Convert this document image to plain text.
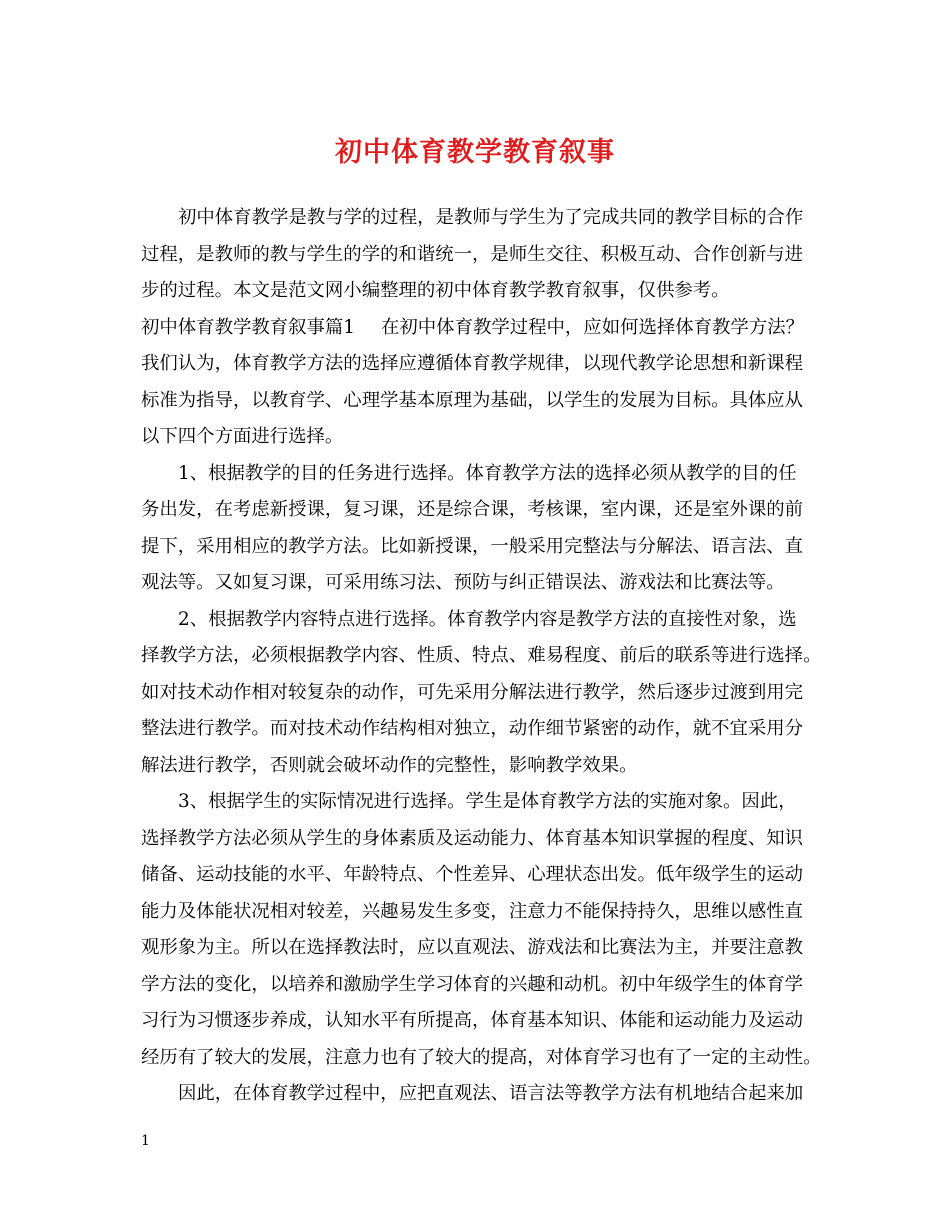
初中体育教学教育叙事
初中体育教学是教与学的过程，是教师与学生为了完成共同的教学目标的合作
过程，是教师的教与学生的学的和谐统一，是师生交往、积极互动、合作创新与进
步的过程。本文是范文网小编整理的初中体育教学教育叙事，仅供参考。
初中体育教学教育叙事篇1 在初中体育教学过程中，应如何选择体育教学方法？
我们认为，体育教学方法的选择应遵循体育教学规律，以现代教学论思想和新课程
标准为指导，以教育学、心理学基本原理为基础，以学生的发展为目标。具体应从
以下四个方面进行选择。
1、根据教学的目的任务进行选择。体育教学方法的选择必须从教学的目的任
务出发，在考虑新授课，复习课，还是综合课，考核课，室内课，还是室外课的前
提下，采用相应的教学方法。比如新授课，一般采用完整法与分解法、语言法、直
观法等。又如复习课，可采用练习法、预防与纠正错误法、游戏法和比赛法等。
2、根据教学内容特点进行选择。体育教学内容是教学方法的直接性对象，选
择教学方法，必须根据教学内容、性质、特点、难易程度、前后的联系等进行选择。
如对技术动作相对较复杂的动作，可先采用分解法进行教学，然后逐步过渡到用完
整法进行教学。而对技术动作结构相对独立，动作细节紧密的动作，就不宜采用分
解法进行教学，否则就会破坏动作的完整性，影响教学效果。
3、根据学生的实际情况进行选择。学生是体育教学方法的实施对象。因此，
选择教学方法必须从学生的身体素质及运动能力、体育基本知识掌握的程度、知识
储备、运动技能的水平、年龄特点、个性差异、心理状态出发。低年级学生的运动
能力及体能状况相对较差，兴趣易发生多变，注意力不能保持持久，思维以感性直
观形象为主。所以在选择教法时，应以直观法、游戏法和比赛法为主，并要注意教
学方法的变化，以培养和激励学生学习体育的兴趣和动机。初中年级学生的体育学
习行为习惯逐步养成，认知水平有所提高，体育基本知识、体能和运动能力及运动
经历有了较大的发展，注意力也有了较大的提高，对体育学习也有了一定的主动性。
因此，在体育教学过程中，应把直观法、语言法等教学方法有机地结合起来加
1
